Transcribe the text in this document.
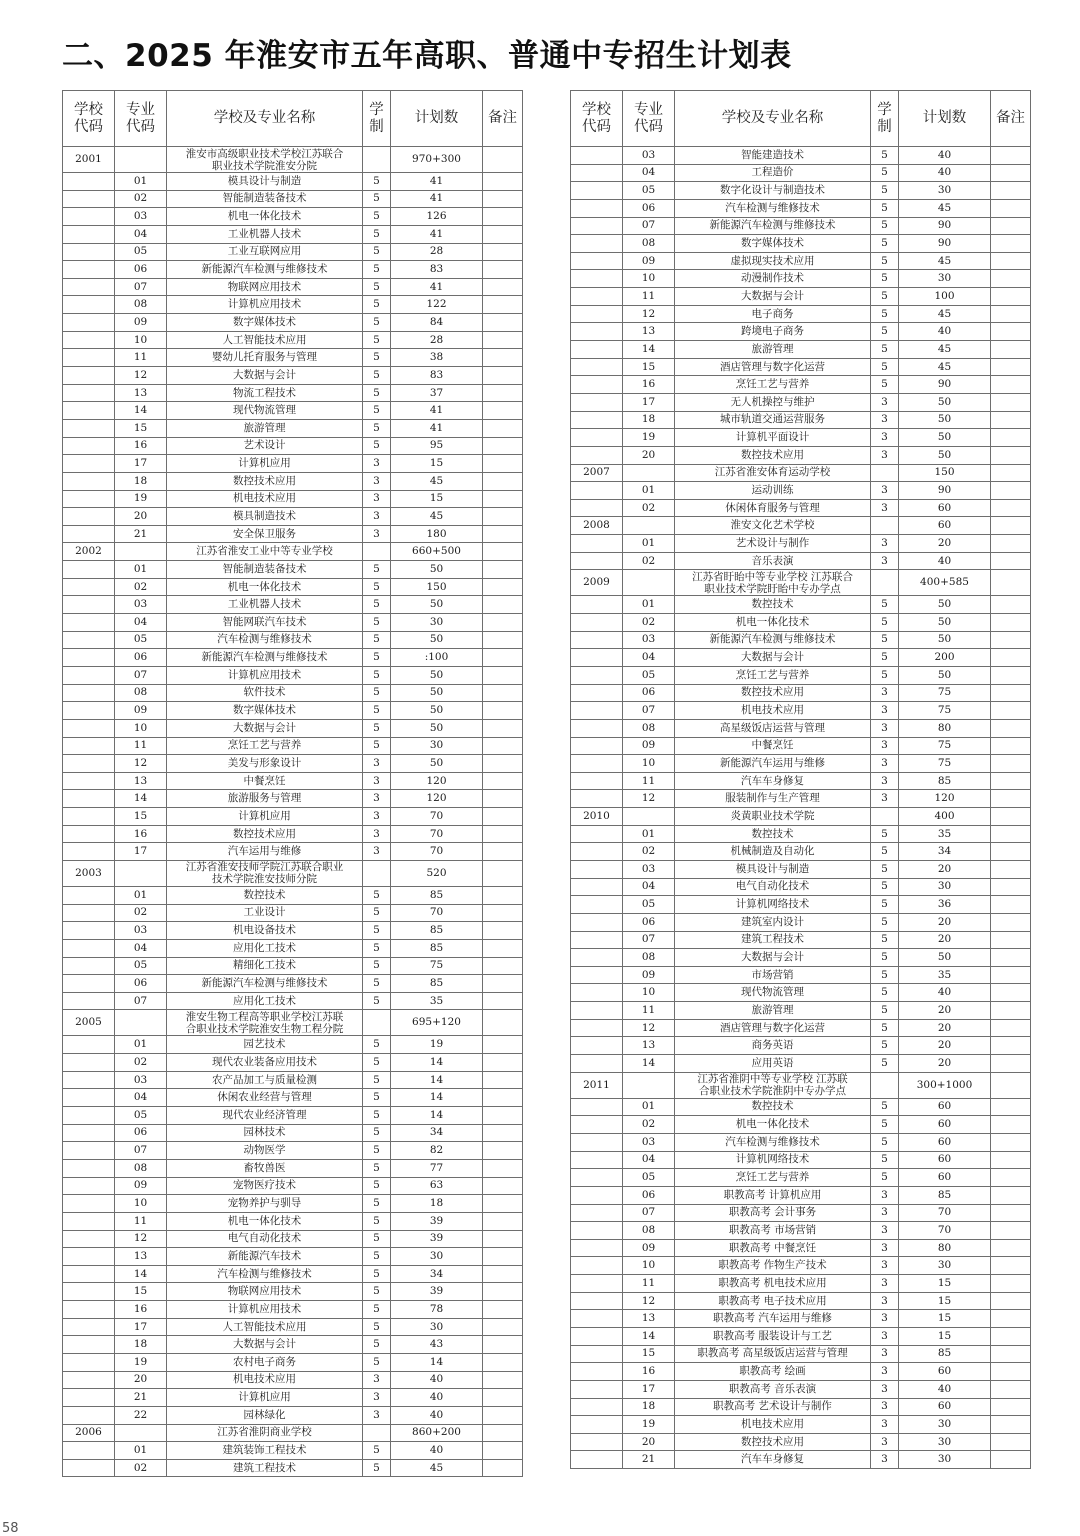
二、2025 年淮安市五年高职、普通中专招生计划表
学校
代码	专业
代码	学校及专业名称	学
制	计划数	备注
2001		淮安市高级职业技术学校江苏联合
职业技术学院淮安分院		970+300	
	01	模具设计与制造	5	41	
	02	智能制造装备技术	5	41	
	03	机电一体化技术	5	126	
	04	工业机器人技术	5	41	
	05	工业互联网应用	5	28	
	06	新能源汽车检测与维修技术	5	83	
	07	物联网应用技术	5	41	
	08	计算机应用技术	5	122	
	09	数字媒体技术	5	84	
	10	人工智能技术应用	5	28	
	11	婴幼儿托育服务与管理	5	38	
	12	大数据与会计	5	83	
	13	物流工程技术	5	37	
	14	现代物流管理	5	41	
	15	旅游管理	5	41	
	16	艺术设计	5	95	
	17	计算机应用	3	15	
	18	数控技术应用	3	45	
	19	机电技术应用	3	15	
	20	模具制造技术	3	45	
	21	安全保卫服务	3	180	
2002		江苏省淮安工业中等专业学校		660+500	
	01	智能制造装备技术	5	50	
	02	机电一体化技术	5	150	
	03	工业机器人技术	5	50	
	04	智能网联汽车技术	5	30	
	05	汽车检测与维修技术	5	50	
	06	新能源汽车检测与维修技术	5	:100	
	07	计算机应用技术	5	50	
	08	软件技术	5	50	
	09	数字媒体技术	5	50	
	10	大数据与会计	5	50	
	11	烹饪工艺与营养	5	30	
	12	美发与形象设计	3	50	
	13	中餐烹饪	3	120	
	14	旅游服务与管理	3	120	
	15	计算机应用	3	70	
	16	数控技术应用	3	70	
	17	汽车运用与维修	3	70	
2003		江苏省淮安技师学院江苏联合职业
技术学院淮安技师分院		520	
	01	数控技术	5	85	
	02	工业设计	5	70	
	03	机电设备技术	5	85	
	04	应用化工技术	5	85	
	05	精细化工技术	5	75	
	06	新能源汽车检测与维修技术	5	85	
	07	应用化工技术	5	35	
2005		淮安生物工程高等职业学校江苏联
合职业技术学院淮安生物工程分院		695+120	
	01	园艺技术	5	19	
	02	现代农业装备应用技术	5	14	
	03	农产品加工与质量检测	5	14	
	04	休闲农业经营与管理	5	14	
	05	现代农业经济管理	5	14	
	06	园林技术	5	34	
	07	动物医学	5	82	
	08	畜牧兽医	5	77	
	09	宠物医疗技术	5	63	
	10	宠物养护与驯导	5	18	
	11	机电一体化技术	5	39	
	12	电气自动化技术	5	39	
	13	新能源汽车技术	5	30	
	14	汽车检测与维修技术	5	34	
	15	物联网应用技术	5	39	
	16	计算机应用技术	5	78	
	17	人工智能技术应用	5	30	
	18	大数据与会计	5	43	
	19	农村电子商务	5	14	
	20	机电技术应用	3	40	
	21	计算机应用	3	40	
	22	园林绿化	3	40	
2006		江苏省淮阴商业学校		860+200	
	01	建筑装饰工程技术	5	40	
	02	建筑工程技术	5	45	
学校
代码	专业
代码	学校及专业名称	学
制	计划数	备注
	03	智能建造技术	5	40	
	04	工程造价	5	40	
	05	数字化设计与制造技术	5	30	
	06	汽车检测与维修技术	5	45	
	07	新能源汽车检测与维修技术	5	90	
	08	数字媒体技术	5	90	
	09	虚拟现实技术应用	5	45	
	10	动漫制作技术	5	30	
	11	大数据与会计	5	100	
	12	电子商务	5	45	
	13	跨境电子商务	5	40	
	14	旅游管理	5	45	
	15	酒店管理与数字化运营	5	45	
	16	烹饪工艺与营养	5	90	
	17	无人机操控与维护	3	50	
	18	城市轨道交通运营服务	3	50	
	19	计算机平面设计	3	50	
	20	数控技术应用	3	50	
2007		江苏省淮安体育运动学校		150	
	01	运动训练	3	90	
	02	休闲体育服务与管理	3	60	
2008		淮安文化艺术学校		60	
	01	艺术设计与制作	3	20	
	02	音乐表演	3	40	
2009		江苏省盱眙中等专业学校 江苏联合
职业技术学院盱眙中专办学点		400+585	
	01	数控技术	5	50	
	02	机电一体化技术	5	50	
	03	新能源汽车检测与维修技术	5	50	
	04	大数据与会计	5	200	
	05	烹饪工艺与营养	5	50	
	06	数控技术应用	3	75	
	07	机电技术应用	3	75	
	08	高星级饭店运营与管理	3	80	
	09	中餐烹饪	3	75	
	10	新能源汽车运用与维修	3	75	
	11	汽车车身修复	3	85	
	12	服装制作与生产管理	3	120	
2010		炎黄职业技术学院		400	
	01	数控技术	5	35	
	02	机械制造及自动化	5	34	
	03	模具设计与制造	5	20	
	04	电气自动化技术	5	30	
	05	计算机网络技术	5	36	
	06	建筑室内设计	5	20	
	07	建筑工程技术	5	20	
	08	大数据与会计	5	50	
	09	市场营销	5	35	
	10	现代物流管理	5	40	
	11	旅游管理	5	20	
	12	酒店管理与数字化运营	5	20	
	13	商务英语	5	20	
	14	应用英语	5	20	
2011		江苏省淮阴中等专业学校 江苏联
合职业技术学院淮阴中专办学点		300+1000	
	01	数控技术	5	60	
	02	机电一体化技术	5	60	
	03	汽车检测与维修技术	5	60	
	04	计算机网络技术	5	60	
	05	烹饪工艺与营养	5	60	
	06	职教高考 计算机应用	3	85	
	07	职教高考 会计事务	3	70	
	08	职教高考 市场营销	3	70	
	09	职教高考 中餐烹饪	3	80	
	10	职教高考 作物生产技术	3	30	
	11	职教高考 机电技术应用	3	15	
	12	职教高考 电子技术应用	3	15	
	13	职教高考 汽车运用与维修	3	15	
	14	职教高考 服装设计与工艺	3	15	
	15	职教高考 高星级饭店运营与管理	3	85	
	16	职教高考 绘画	3	60	
	17	职教高考 音乐表演	3	40	
	18	职教高考 艺术设计与制作	3	60	
	19	机电技术应用	3	30	
	20	数控技术应用	3	30	
	21	汽车车身修复	3	30	
58
